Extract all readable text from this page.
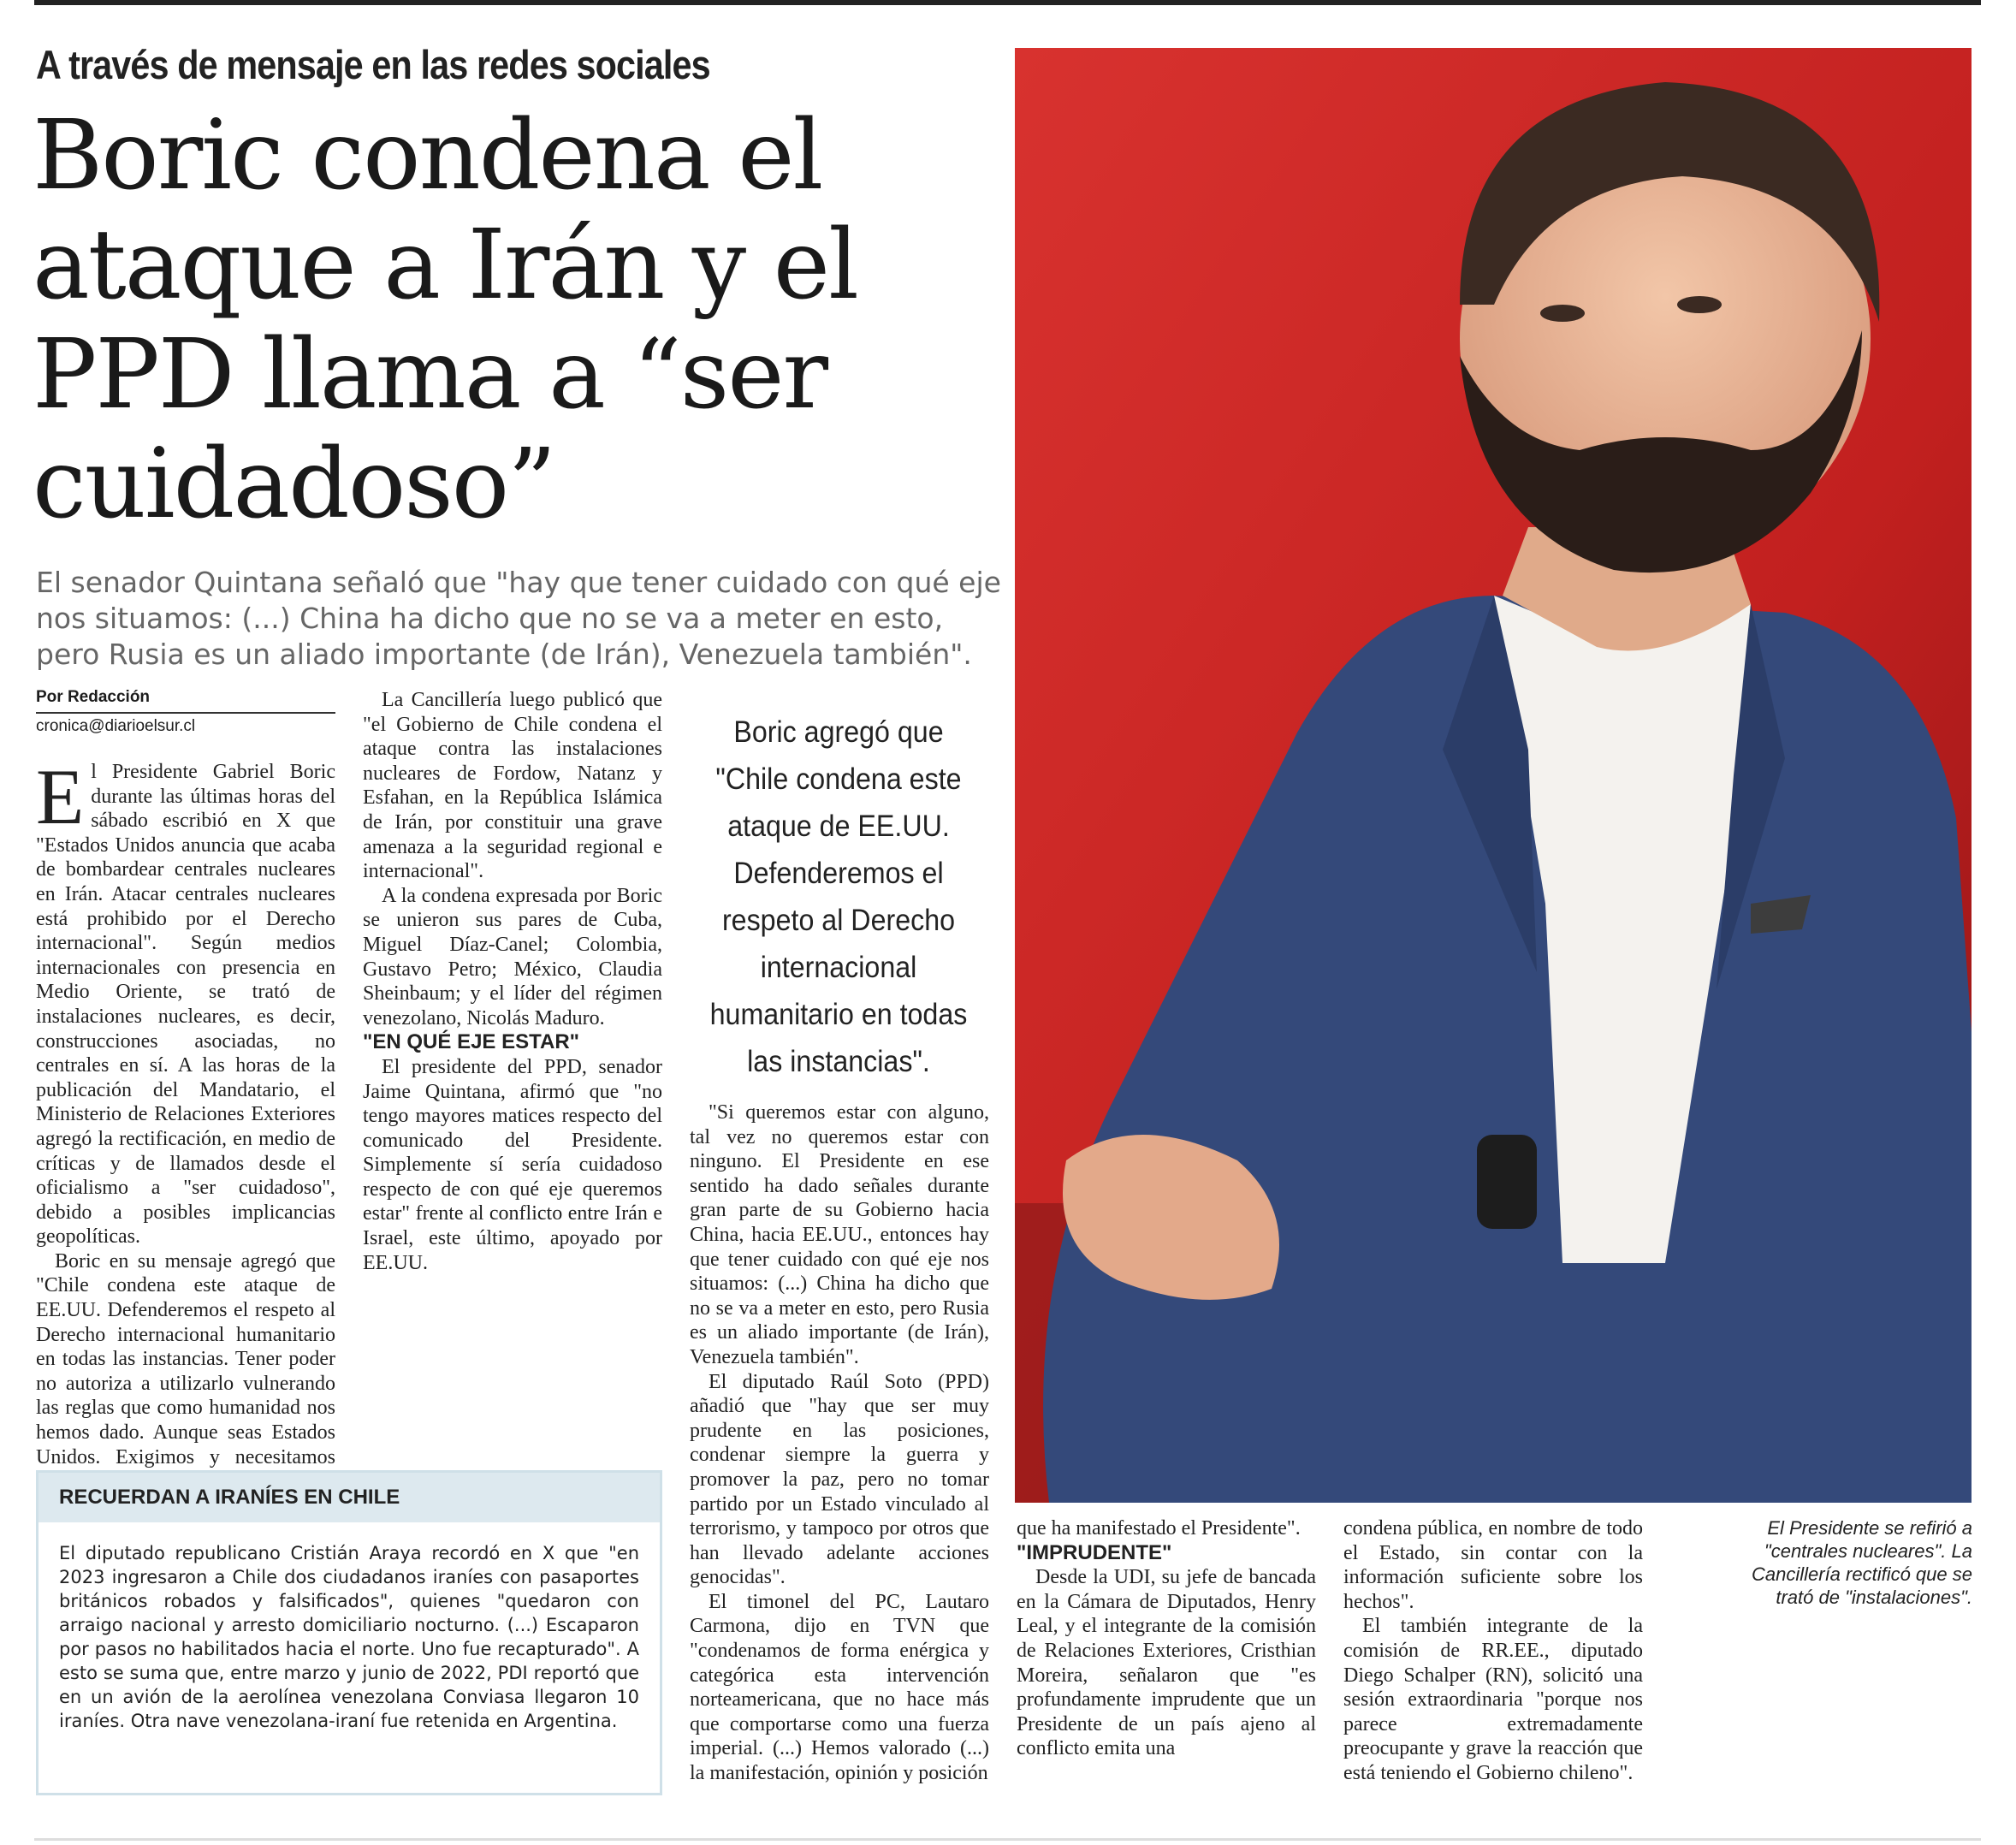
A través de mensaje en las redes sociales
Boric condena el ataque a Irán y el PPD llama a “ser cuidadoso”
El senador Quintana señaló que "hay que tener cuidado con qué eje nos situamos: (...) China ha dicho que no se va a meter en esto, pero Rusia es un aliado importante (de Irán), Venezuela también".
Por Redacción
cronica@diarioelsur.cl

El Presidente Gabriel Boric durante las últimas horas del sábado escribió en X que "Estados Unidos anuncia que acaba de bombardear centrales nucleares en Irán. Atacar centrales nucleares está prohibido por el Derecho internacional". Según medios internacionales con presencia en Medio Oriente, se trató de instalaciones nucleares, es decir, construcciones asociadas, no centrales en sí. A las horas de la publicación del Mandatario, el Ministerio de Relaciones Exteriores agregó la rectificación, en medio de críticas y de llamados desde el oficialismo a "ser cuidadoso", debido a posibles implicancias geopolíticas.

Boric en su mensaje agregó que "Chile condena este ataque de EE.UU. Defenderemos el respeto al Derecho internacional humanitario en todas las instancias. Tener poder no autoriza a utilizarlo vulnerando las reglas que como humanidad nos hemos dado. Aunque seas Estados Unidos. Exigimos y necesitamos

La Cancillería luego publicó que "el Gobierno de Chile condena el ataque contra las instalaciones nucleares de Fordow, Natanz y Esfahan, en la República Islámica de Irán, por constituir una grave amenaza a la seguridad regional e internacional".

A la condena expresada por Boric se unieron sus pares de Cuba, Miguel Díaz-Canel; Colombia, Gustavo Petro; México, Claudia Sheinbaum; y el líder del régimen venezolano, Nicolás Maduro.

"EN QUÉ EJE ESTAR"

El presidente del PPD, senador Jaime Quintana, afirmó que "no tengo mayores matices respecto del comunicado del Presidente. Simplemente sí sería cuidadoso respecto de con qué eje queremos estar" frente al conflicto entre Irán e Israel, este último, apoyado por EE.UU.

Boric agregó que "Chile condena este ataque de EE.UU. Defenderemos el respeto al Derecho internacional humanitario en todas las instancias".

"Si queremos estar con alguno, tal vez no queremos estar con ninguno. El Presidente en ese sentido ha dado señales durante gran parte de su Gobierno hacia China, hacia EE.UU., entonces hay que tener cuidado con qué eje nos situamos: (...) China ha dicho que no se va a meter en esto, pero Rusia es un aliado importante (de Irán), Venezuela también".

El diputado Raúl Soto (PPD) añadió que "hay que ser muy prudente en las posiciones, condenar siempre la guerra y promover la paz, pero no tomar partido por un Estado vinculado al terrorismo, y tampoco por otros que han llevado adelante acciones genocidas".

El timonel del PC, Lautaro Carmona, dijo en TVN que "condenamos de forma enérgica y categórica esta intervención norteamericana, que no hace más que comportarse como una fuerza imperial. (...) Hemos valorado (...) la manifestación, opinión y posición

El Presidente se refirió a "centrales nucleares". La Cancillería rectificó que se trató de "instalaciones".

que ha manifestado el Presidente".

"IMPRUDENTE"

Desde la UDI, su jefe de bancada en la Cámara de Diputados, Henry Leal, y el integrante de la comisión de Relaciones Exteriores, Cristhian Moreira, señalaron que "es profundamente imprudente que un Presidente de un país ajeno al conflicto emita una

condena pública, en nombre de todo el Estado, sin contar con la información suficiente sobre los hechos".

El también integrante de la comisión de RR.EE., diputado Diego Schalper (RN), solicitó una sesión extraordinaria "porque nos parece extremadamente preocupante y grave la reacción que está teniendo el Gobierno chileno".

RECUERDAN A IRANÍES EN CHILE
El diputado republicano Cristián Araya recordó en X que "en 2023 ingresaron a Chile dos ciudadanos iraníes con pasaportes británicos robados y falsificados", quienes "quedaron con arraigo nacional y arresto domiciliario nocturno. (...) Escaparon por pasos no habilitados hacia el norte. Uno fue recapturado". A esto se suma que, entre marzo y junio de 2022, PDI reportó que en un avión de la aerolínea venezolana Conviasa llegaron 10 iraníes. Otra nave venezolana-iraní fue retenida en Argentina.
